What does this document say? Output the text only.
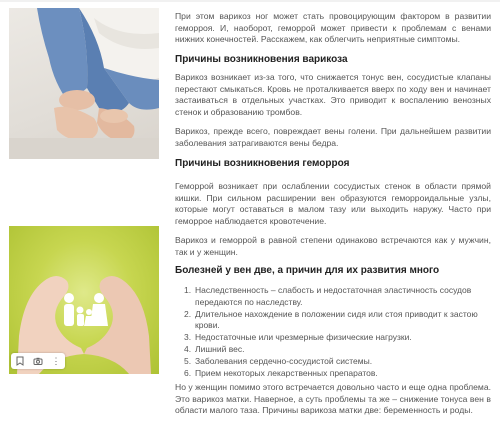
⋮

При этом варикоз ног может стать провоцирующим фактором в развитии геморроя. И, наоборот, геморрой может привести к проблемам с венами нижних конечностей. Расскажем, как облегчить неприятные симптомы.

Причины возникновения варикоза

Варикоз возникает из-за того, что снижается тонус вен, сосудистые клапаны перестают смыкаться. Кровь не проталкивается вверх по ходу вен и начинает застаиваться в отдельных участках. Это приводит к воспалению венозных стенок и образованию тромбов.

Варикоз, прежде всего, повреждает вены голени. При дальнейшем развитии заболевания затрагиваются вены бедра.

Причины возникновения геморроя

Геморрой возникает при ослаблении сосудистых стенок в области прямой кишки. При сильном расширении вен образуются геморроидальные узлы, которые могут оставаться в малом тазу или выходить наружу. Часто при геморрое наблюдается кровотечение.

Варикоз и геморрой в равной степени одинаково встречаются как у мужчин, так и у женщин.

Болезней у вен две, а причин для их развития много
1. Наследственность – слабость и недостаточная эластичность сосудов передаются по наследству.
2. Длительное нахождение в положении сидя или стоя приводит к застою крови.
3. Недостаточные или чрезмерные физические нагрузки.
4. Лишний вес.
5. Заболевания сердечно-сосудистой системы.
6. Прием некоторых лекарственных препаратов.

Но у женщин помимо этого встречается довольно часто и еще одна проблема. Это варикоз матки. Наверное, а суть проблемы та же – снижение тонуса вен в области малого таза. Причины варикоза матки две: беременность и роды.
